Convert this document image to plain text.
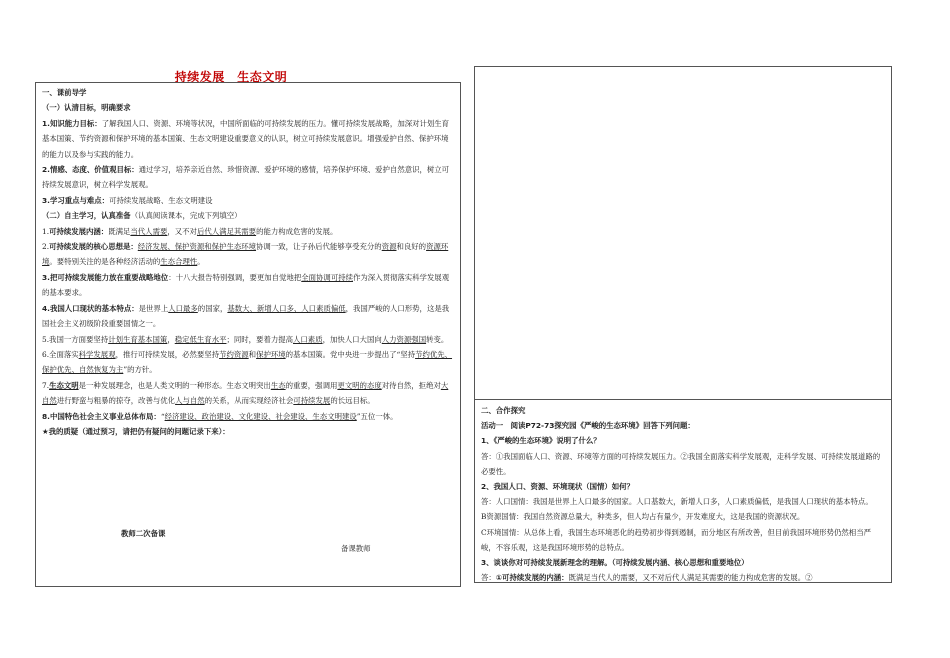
持续发展　生态文明

一、课前导学

（一）认清目标，明确要求

1.知识能力目标：了解我国人口、资源、环境等状况，中国所面临的可持续发展的压力。懂可持续发展战略，加深对计划生育基本国策、节约资源和保护环境的基本国策、生态文明建设重要意义的认识，树立可持续发展意识。增强爱护自然、保护环境的能力以及参与实践的能力。

2.情感、态度、价值观目标：通过学习，培养亲近自然、珍惜资源、爱护环境的感情，培养保护环境、爱护自然意识，树立可持续发展意识，树立科学发展观。

3.学习重点与难点：可持续发展战略、生态文明建设

（二）自主学习，认真准备（认真阅读课本，完成下列填空）

1.可持续发展内涵：既满足当代人需要，又不对后代人满足其需要的能力构成危害的发展。

2.可持续发展的核心思想是：经济发展、保护资源和保护生态环境协调一致，让子孙后代能够享受充分的资源和良好的资源环境。要特别关注的是各种经济活动的生态合理性。

3.把可持续发展能力放在重要战略地位：十八大报告特别强调，要更加自觉地把全面协调可持续作为深入贯彻落实科学发展观的基本要求。

4.我国人口现状的基本特点：是世界上人口最多的国家，基数大、新增人口多、人口素质偏低，我国严峻的人口形势，这是我国社会主义初级阶段重要国情之一。

5.我国一方面要坚持计划生育基本国策，稳定低生育水平；同时，要着力提高人口素质，加快人口大国向人力资源强国转变。

6.全面落实科学发展观，推行可持续发展，必然要坚持节约资源和保护环境的基本国策。党中央进一步提出了“坚持节约优先、保护优先、自然恢复为主”的方针。

7.生态文明是一种发展理念，也是人类文明的一种形态。生态文明突出生态的重要，强调用更文明的态度对待自然，拒绝对大自然进行野蛮与粗暴的掠夺，改善与优化人与自然的关系，从而实现经济社会可持续发展的长远目标。

8.中国特色社会主义事业总体布局：“经济建设、政治建设、文化建设、社会建设、生态文明建设”五位一体。

★我的质疑（通过预习，请把仍有疑问的问题记录下来）：

教师二次备课
备课教师

二、合作探究

活动一　阅读P72-73探究园《严峻的生态环境》回答下列问题：

1、《严峻的生态环境》说明了什么？

答：①我国面临人口、资源、环境等方面的可持续发展压力。②我国全面落实科学发展观，走科学发展、可持续发展道路的必要性。

2、我国人口、资源、环境现状（国情）如何？

答：人口国情：我国是世界上人口最多的国家。人口基数大，新增人口多，人口素质偏低，是我国人口现状的基本特点。

B资源国情：我国自然资源总量大，种类多，但人均占有量少，开发难度大，这是我国的资源状况。

C环境国情：从总体上看，我国生态环境恶化的趋势初步得到遏制，而分地区有所改善，但目前我国环境形势仍然相当严峻，不容乐观，这是我国环境形势的总特点。

3、谈谈你对可持续发展新理念的理解。（可持续发展内涵、核心思想和重要地位）

答：①可持续发展的内涵：既满足当代人的需要，又不对后代人满足其需要的能力构成危害的发展。②
